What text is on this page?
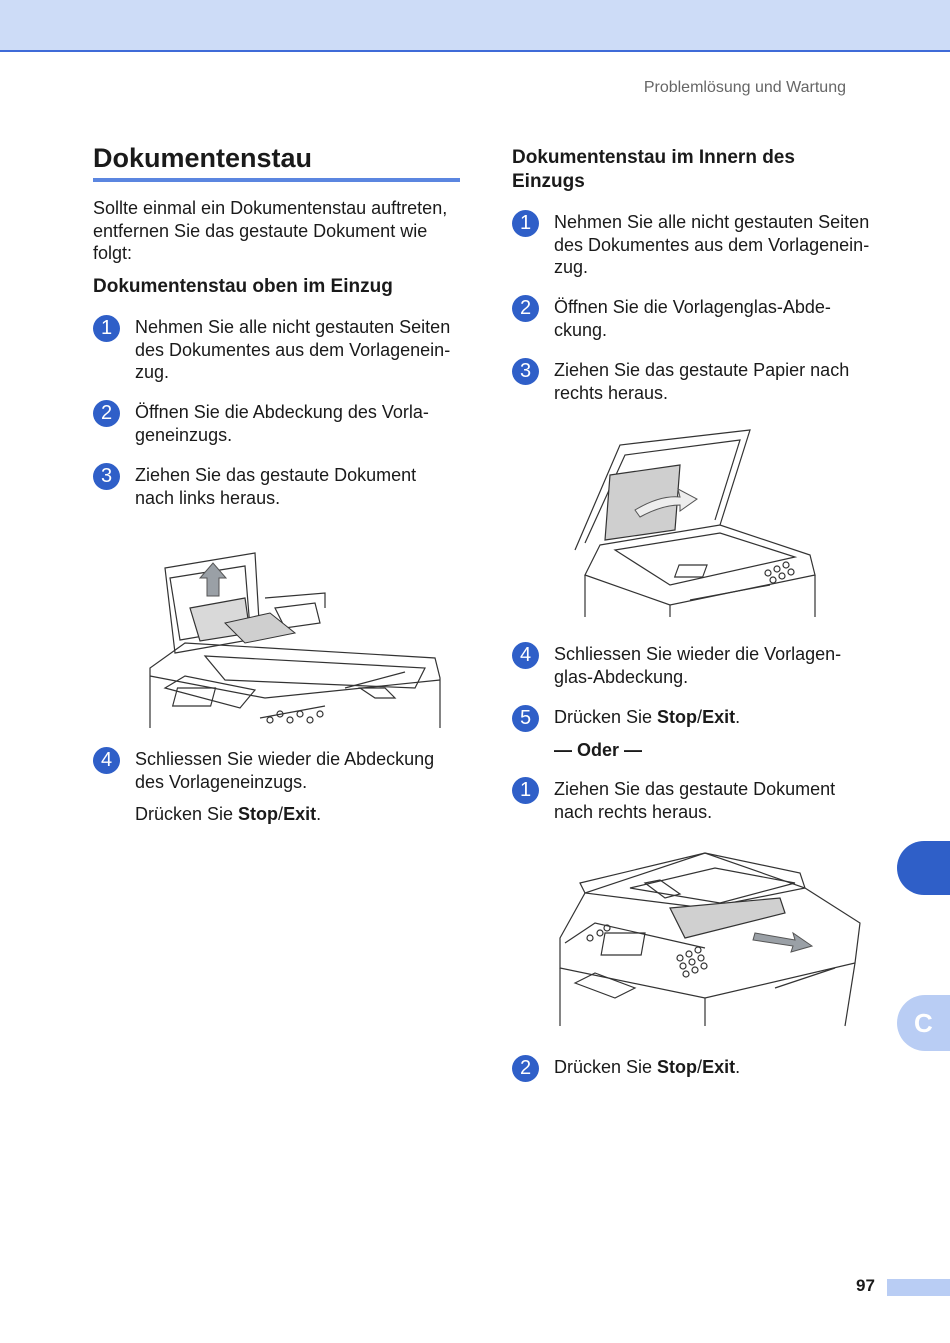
Problemlösung und Wartung
Dokumentenstau
Sollte einmal ein Dokumentenstau auftreten,
entfernen Sie das gestaute Dokument wie
folgt:
Dokumentenstau oben im Einzug
1	Nehmen Sie alle nicht gestauten Seiten
des Dokumentes aus dem Vorlagenein-
zug.
2	Öffnen Sie die Abdeckung des Vorla-
geneinzugs.
3	Ziehen Sie das gestaute Dokument
nach links heraus.
4	Schliessen Sie wieder die Abdeckung
des Vorlageneinzugs.
Drücken Sie Stop/Exit.
Dokumentenstau im Innern des
Einzugs
1	Nehmen Sie alle nicht gestauten Seiten
des Dokumentes aus dem Vorlagenein-
zug.
2	Öffnen Sie die Vorlagenglas-Abde-
ckung.
3	Ziehen Sie das gestaute Papier nach
rechts heraus.
4	Schliessen Sie wieder die Vorlagen-
glas-Abdeckung.
5	Drücken Sie Stop/Exit.
— Oder —
1	Ziehen Sie das gestaute Dokument
nach rechts heraus.
2	Drücken Sie Stop/Exit.
C
97
